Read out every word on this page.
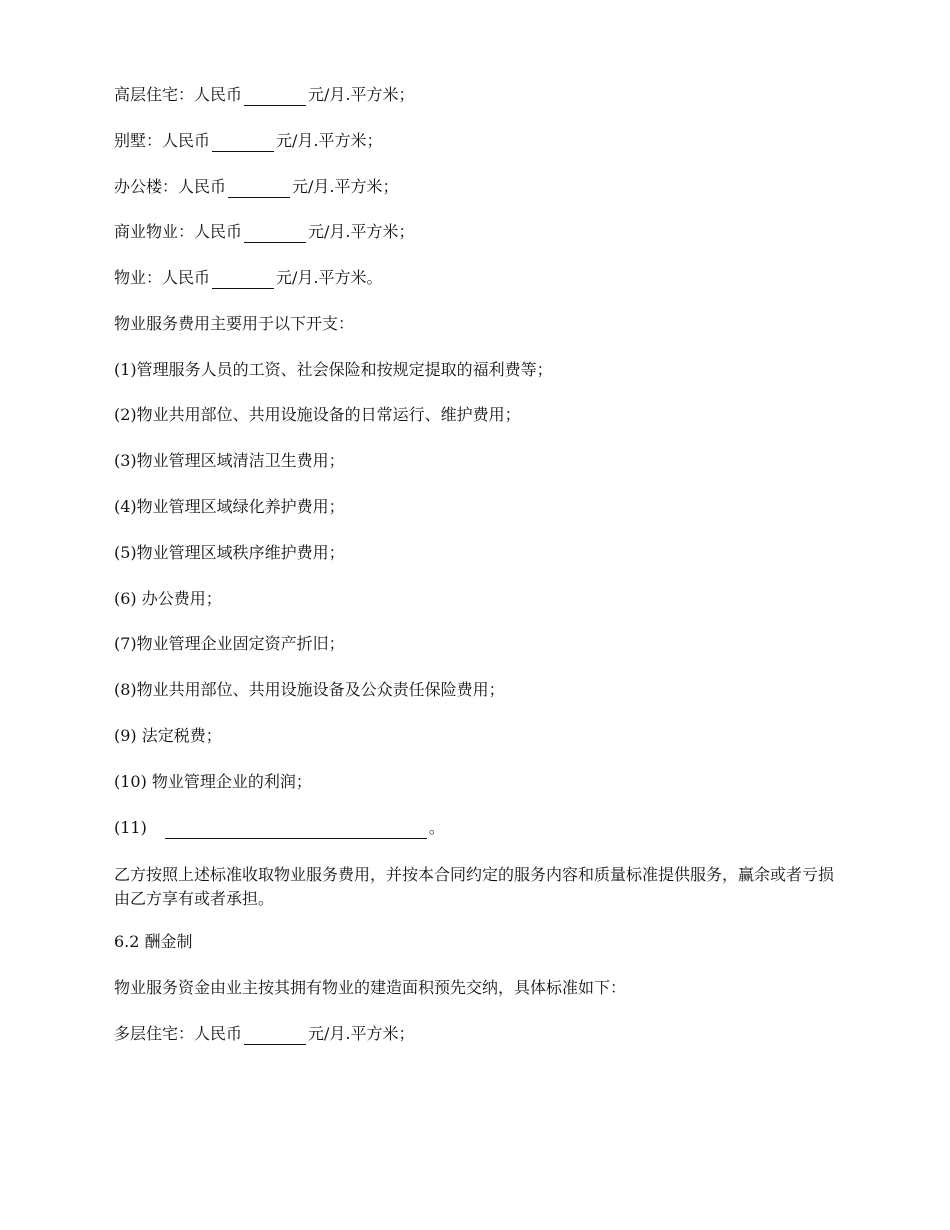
高层住宅：人民币	元/月.平方米；
别墅：人民币	元/月.平方米；
办公楼：人民币	元/月.平方米；
商业物业：人民币	元/月.平方米；
物业：人民币	元/月.平方米。
物业服务费用主要用于以下开支：
(1)管理服务人员的工资、社会保险和按规定提取的福利费等；
(2)物业共用部位、共用设施设备的日常运行、维护费用；
(3)物业管理区域清洁卫生费用；
(4)物业管理区域绿化养护费用；
(5)物业管理区域秩序维护费用；
(6) 办公费用；
(7)物业管理企业固定资产折旧；
(8)物业共用部位、共用设施设备及公众责任保险费用；
(9) 法定税费；
(10) 物业管理企业的利润；
(11)	。
乙方按照上述标准收取物业服务费用，并按本合同约定的服务内容和质量标准提供服务，赢余或者亏损由乙方享有或者承担。
6.2 酬金制
物业服务资金由业主按其拥有物业的建造面积预先交纳，具体标准如下：
多层住宅：人民币	元/月.平方米；
